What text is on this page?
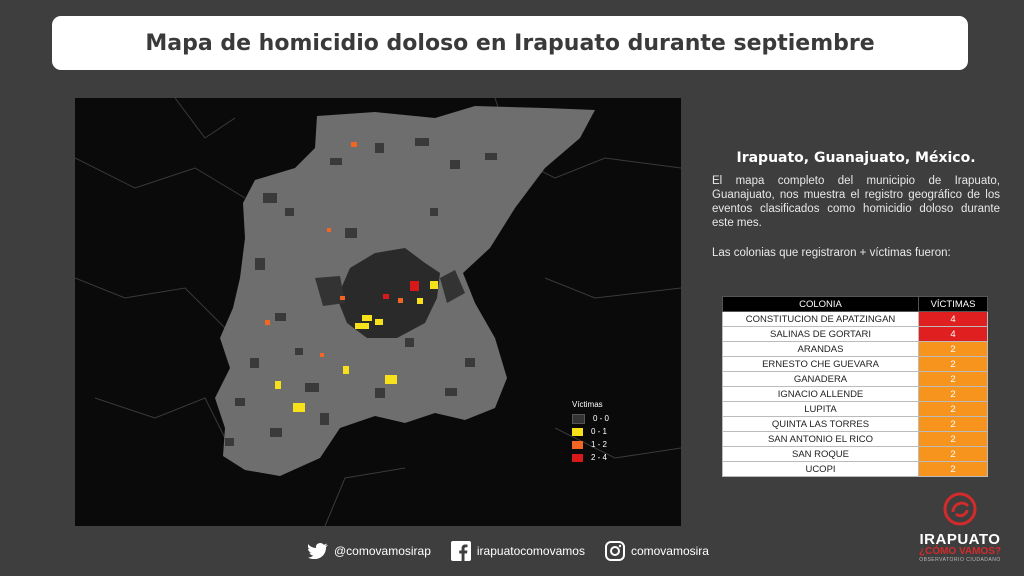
Mapa de homicidio doloso en Irapuato durante septiembre
Víctimas
0 - 0
0 - 1
1 - 2
2 - 4
Irapuato, Guanajuato, México.

El mapa completo del municipio de Irapuato, Guanajuato, nos muestra el registro geográfico de los eventos clasificados como homicidio doloso durante este mes.

Las colonias que registraron + víctimas fueron:

COLONIA	VÍCTIMAS
CONSTITUCION DE APATZINGAN	4
SALINAS DE GORTARI	4
ARANDAS	2
ERNESTO CHE GUEVARA	2
GANADERA	2
IGNACIO ALLENDE	2
LUPITA	2
QUINTA LAS TORRES	2
SAN ANTONIO EL RICO	2
SAN ROQUE	2
UCOPI	2
@comovamosirap	irapuatocomovamos	comovamosira
IRAPUATO
¿CÓMO VAMOS?
OBSERVATORIO CIUDADANO
